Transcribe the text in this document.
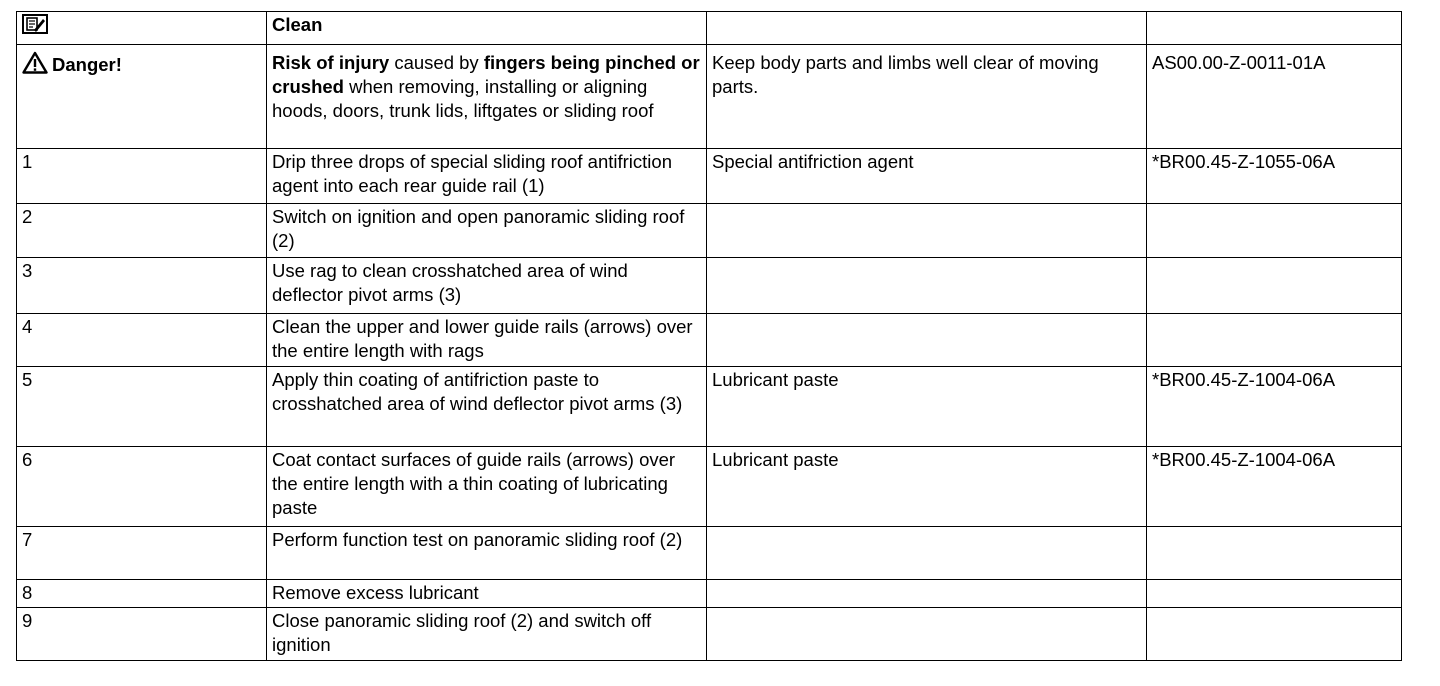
	Clean		
Danger!	Risk of injury caused by fingers being pinched or crushed when removing, installing or aligning hoods, doors, trunk lids, liftgates or sliding roof	Keep body parts and limbs well clear of moving parts.	AS00.00-Z-0011-01A
1	Drip three drops of special sliding roof antifriction agent into each rear guide rail (1)	Special antifriction agent	*BR00.45-Z-1055-06A
2	Switch on ignition and open panoramic sliding roof (2)		
3	Use rag to clean crosshatched area of wind deflector pivot arms (3)		
4	Clean the upper and lower guide rails (arrows) over the entire length with rags		
5	Apply thin coating of antifriction paste to crosshatched area of wind deflector pivot arms (3)	Lubricant paste	*BR00.45-Z-1004-06A
6	Coat contact surfaces of guide rails (arrows) over the entire length with a thin coating of lubricating paste	Lubricant paste	*BR00.45-Z-1004-06A
7	Perform function test on panoramic sliding roof (2)		
8	Remove excess lubricant		
9	Close panoramic sliding roof (2) and switch off ignition		
